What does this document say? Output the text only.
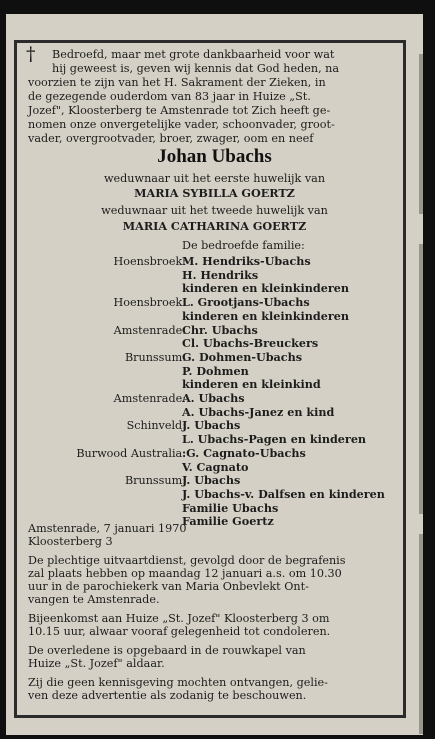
† Bedroefd, maar met grote dankbaarheid voor wat
hij geweest is, geven wij kennis dat God heden, na
voorzien te zijn van het H. Sakrament der Zieken, in
de gezegende ouderdom van 83 jaar in Huize „St.
Jozef", Kloosterberg te Amstenrade tot Zich heeft ge-
nomen onze onvergetelijke vader, schoonvader, groot-
vader, overgrootvader, broer, zwager, oom en neef
Johan Ubachs
weduwnaar uit het eerste huwelijk van
MARIA SYBILLA GOERTZ
weduwnaar uit het tweede huwelijk van
MARIA CATHARINA GOERTZ
De bedroefde familie:
Hoensbroek:
M. Hendriks-Ubachs
H. Hendriks
kinderen en kleinkinderen
Hoensbroek:
L. Grootjans-Ubachs
kinderen en kleinkinderen
Amstenrade:
Chr. Ubachs
Cl. Ubachs-Breuckers
Brunssum:
G. Dohmen-Ubachs
P. Dohmen
kinderen en kleinkind
Amstenrade:
A. Ubachs
A. Ubachs-Janez en kind
Schinveld:
J. Ubachs
L. Ubachs-Pagen en kinderen
Burwood Australia:
:G. Cagnato-Ubachs
V. Cagnato
Brunssum:
J. Ubachs
J. Ubachs-v. Dalfsen en kinderen
Familie Ubachs
Familie Goertz
Amstenrade, 7 januari 1970
Kloosterberg 3
De plechtige uitvaartdienst, gevolgd door de begrafenis
zal plaats hebben op maandag 12 januari a.s. om 10.30
uur in de parochiekerk van Maria Onbevlekt Ont-
vangen te Amstenrade.
Bijeenkomst aan Huize „St. Jozef" Kloosterberg 3 om
10.15 uur, alwaar vooraf gelegenheid tot condoleren.
De overledene is opgebaard in de rouwkapel van
Huize „St. Jozef" aldaar.
Zij die geen kennisgeving mochten ontvangen, gelie-
ven deze advertentie als zodanig te beschouwen.
